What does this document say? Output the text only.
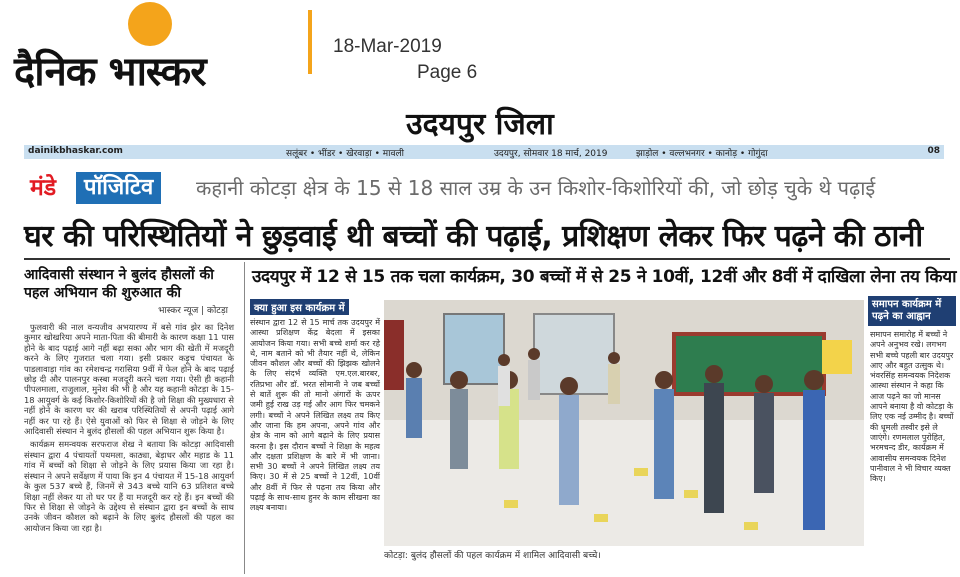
दैनिक भास्कर
18-Mar-2019
Page 6
उदयपुर जिला
dainikbhaskar.com	सलूंबर • भींडर • खेरवाड़ा • मावली	उदयपुर, सोमवार 18 मार्च, 2019	झाड़ोल • वल्लभनगर • कानोड़ • गोगुंदा	08
मंडे	पॉजिटिव	कहानी कोटड़ा क्षेत्र के 15 से 18 साल उम्र के उन किशोर-किशोरियों की, जो छोड़ चुके थे पढ़ाई
घर की परिस्थितियों ने छुड़वाई थी बच्चों की पढ़ाई, प्रशिक्षण लेकर फिर पढ़ने की ठानी
आदिवासी संस्थान ने बुलंद हौसलों की पहल अभियान की शुरुआत की
भास्कर न्यूज | कोटड़ा

फुलवारी की नाल वन्यजीव अभयारण्य में बसे गांव झेर का दिनेश कुमार खोखरिया अपने माता-पिता की बीमारी के कारण कक्षा 11 पास होने के बाद पढ़ाई आगे नहीं बढ़ा सका और भाग की खेती में मजदूरी करने के लिए गुजरात चला गया। इसी प्रकार कड़ूच पंचायत के पाडलावाड़ा गांव का रमेशचन्द्र गरासिया 9वीं में फेल होने के बाद पढ़ाई छोड़ दी और पालनपुर कस्बा मजदूरी करने चला गया। ऐसी ही कहानी पीपलमाला, राजुलाल, मुनेश की भी है और यह कहानी कोटड़ा के 15-18 आयुवर्ग के कई किशोर-किशोरियों की है जो शिक्षा की मुख्यधारा से नहीं होने के कारण घर की खराब परिस्थितियों से अपनी पढ़ाई आगे नहीं कर पा रहे हैं। ऐसे युवाओं को फिर से शिक्षा से जोड़ने के लिए आदिवासी संस्थान ने बुलंद हौसलों की पहल अभियान शुरू किया है।

कार्यक्रम समन्वयक सरफराज शेख ने बताया कि कोटड़ा आदिवासी संस्थान द्वारा 4 पंचायतों पथमला, काठ्या, बेड़ाधर और महाड के 11 गांव में बच्चों को शिक्षा से जोड़ने के लिए प्रयास किया जा रहा है। संस्थान ने अपने सर्वेक्षण में पाया कि इन 4 पंचायत में 15-18 आयुवर्ग के कुल 537 बच्चे हैं, जिनमें से 343 बच्चे यानि 63 प्रतिशत बच्चे शिक्षा नहीं लेकर या तो घर पर हैं या मजदूरी कर रहे हैं। इन बच्चों की फिर से शिक्षा से जोड़ने के उद्देश्य से संस्थान द्वारा इन बच्चों के साथ उनके जीवन कौशल को बढ़ाने के लिए बुलंद हौसलों की पहल का आयोजन किया जा रहा है।

उदयपुर में 12 से 15 तक चला कार्यक्रम, 30 बच्चों में से 25 ने 10वीं, 12वीं और 8वीं में दाखिला लेना तय किया
क्या हुआ इस कार्यक्रम में
संस्थान द्वारा 12 से 15 मार्च तक उदयपुर में आस्था प्रशिक्षण केंद्र बेदला में इसका आयोजन किया गया। सभी बच्चे शर्मा कर रहे थे, नाम बताने को भी तैयार नहीं थे, लेकिन जीवन कौशल और बच्चों की झिझक खोलने के लिए संदर्भ व्यक्ति एम.एल.बारबर, रतिप्रभा और डॉ. भरत सोमानी ने जब बच्चों से बातें शुरू की तो मानो अंगारों के ऊपर जमी हुई राख उड़ गई और आग फिर चमकने लगी। बच्चों ने अपने लिखित लक्ष्य तय किए और जाना कि हम अपना, अपने गांव और क्षेत्र के नाम को आगे बढ़ाने के लिए प्रयास करना है। इस दौरान बच्चों ने शिक्षा के महत्व और दक्षता प्रशिक्षण के बारे में भी जाना। सभी 30 बच्चों ने अपने लिखित लक्ष्य तय किए। 30 में से 25 बच्चों ने 12वीं, 10वीं और 8वीं में फिर से पढ़ना तय किया और पढ़ाई के साथ-साथ हुनर के काम सीखना का लक्ष्य बनाया।
कोटड़ा: बुलंद हौसलों की पहल कार्यक्रम में शामिल आदिवासी बच्चे।
समापन कार्यक्रम में पढ़ने का आह्वान
समापन समारोह में बच्चों ने अपने अनुभव रखे। लगभग सभी बच्चे पहली बार उदयपुर आए और बहुत उत्सुक थे। भंवरसिंह समन्वयक निदेशक आस्था संस्थान ने कहा कि आज पढ़ने का जो मानस आपने बनाया है वो कोटड़ा के लिए एक नई उम्मीद है। बच्चों की धूमली तस्वीर इसे ले जाएंगे। रणमलाल पुरोहित, भरमचन्द डीर, कार्यक्रम में आवासीय समन्वयक दिनेश पानीवाल ने भी विचार व्यक्त किए।
